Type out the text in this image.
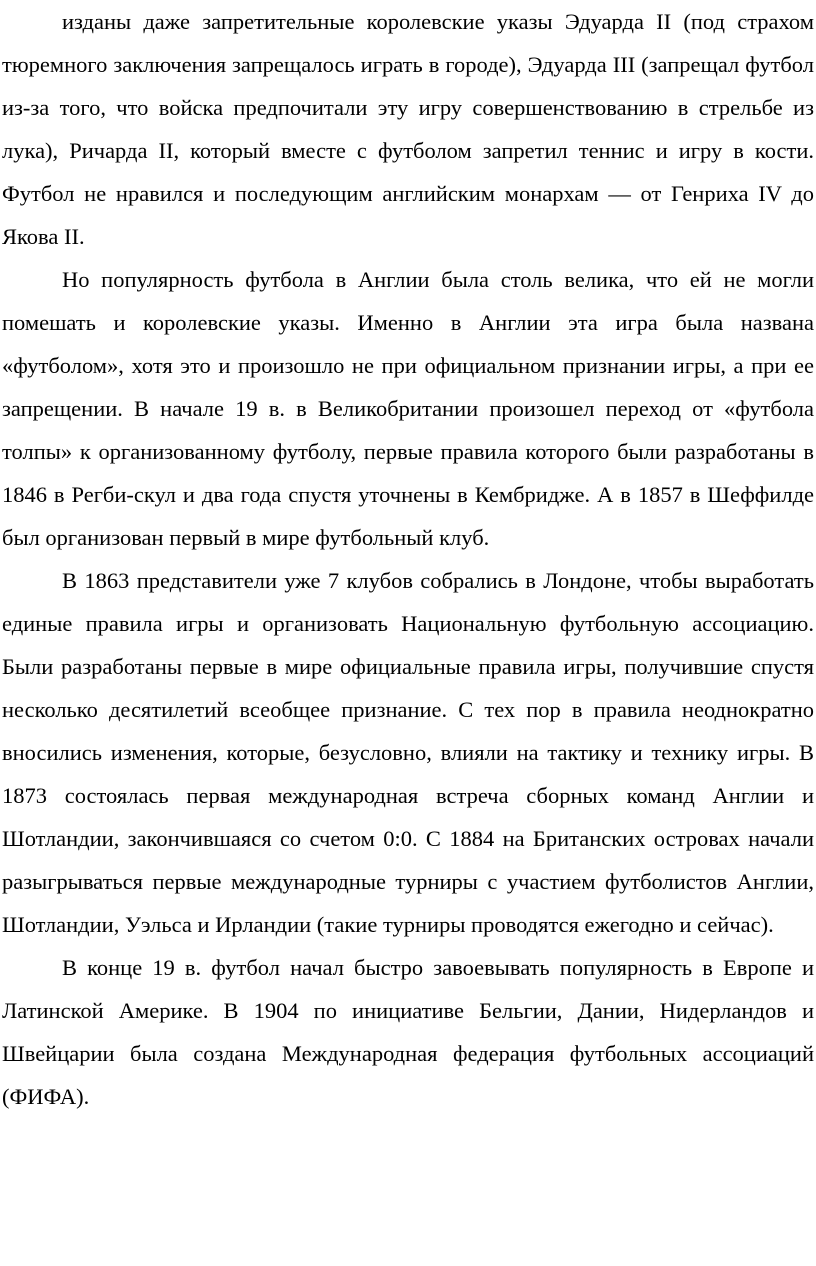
изданы даже запретительные королевские указы Эдуарда II (под страхом тюремного заключения запрещалось играть в городе), Эдуарда III (запрещал футбол из-за того, что войска предпочитали эту игру совершенствованию в стрельбе из лука), Ричарда II, который вместе с футболом запретил теннис и игру в кости. Футбол не нравился и последующим английским монархам — от Генриха IV до Якова II.

Но популярность футбола в Англии была столь велика, что ей не могли помешать и королевские указы. Именно в Англии эта игра была названа «футболом», хотя это и произошло не при официальном признании игры, а при ее запрещении. В начале 19 в. в Великобритании произошел переход от «футбола толпы» к организованному футболу, первые правила которого были разработаны в 1846 в Регби-скул и два года спустя уточнены в Кембридже. А в 1857 в Шеффилде был организован первый в мире футбольный клуб.

В 1863 представители уже 7 клубов собрались в Лондоне, чтобы выработать единые правила игры и организовать Национальную футбольную ассоциацию. Были разработаны первые в мире официальные правила игры, получившие спустя несколько десятилетий всеобщее признание. С тех пор в правила неоднократно вносились изменения, которые, безусловно, влияли на тактику и технику игры. В 1873 состоялась первая международная встреча сборных команд Англии и Шотландии, закончившаяся со счетом 0:0. С 1884 на Британских островах начали разыгрываться первые международные турниры с участием футболистов Англии, Шотландии, Уэльса и Ирландии (такие турниры проводятся ежегодно и сейчас).

В конце 19 в. футбол начал быстро завоевывать популярность в Европе и Латинской Америке. В 1904 по инициативе Бельгии, Дании, Нидерландов и Швейцарии была создана Международная федерация футбольных ассоциаций (ФИФА).
